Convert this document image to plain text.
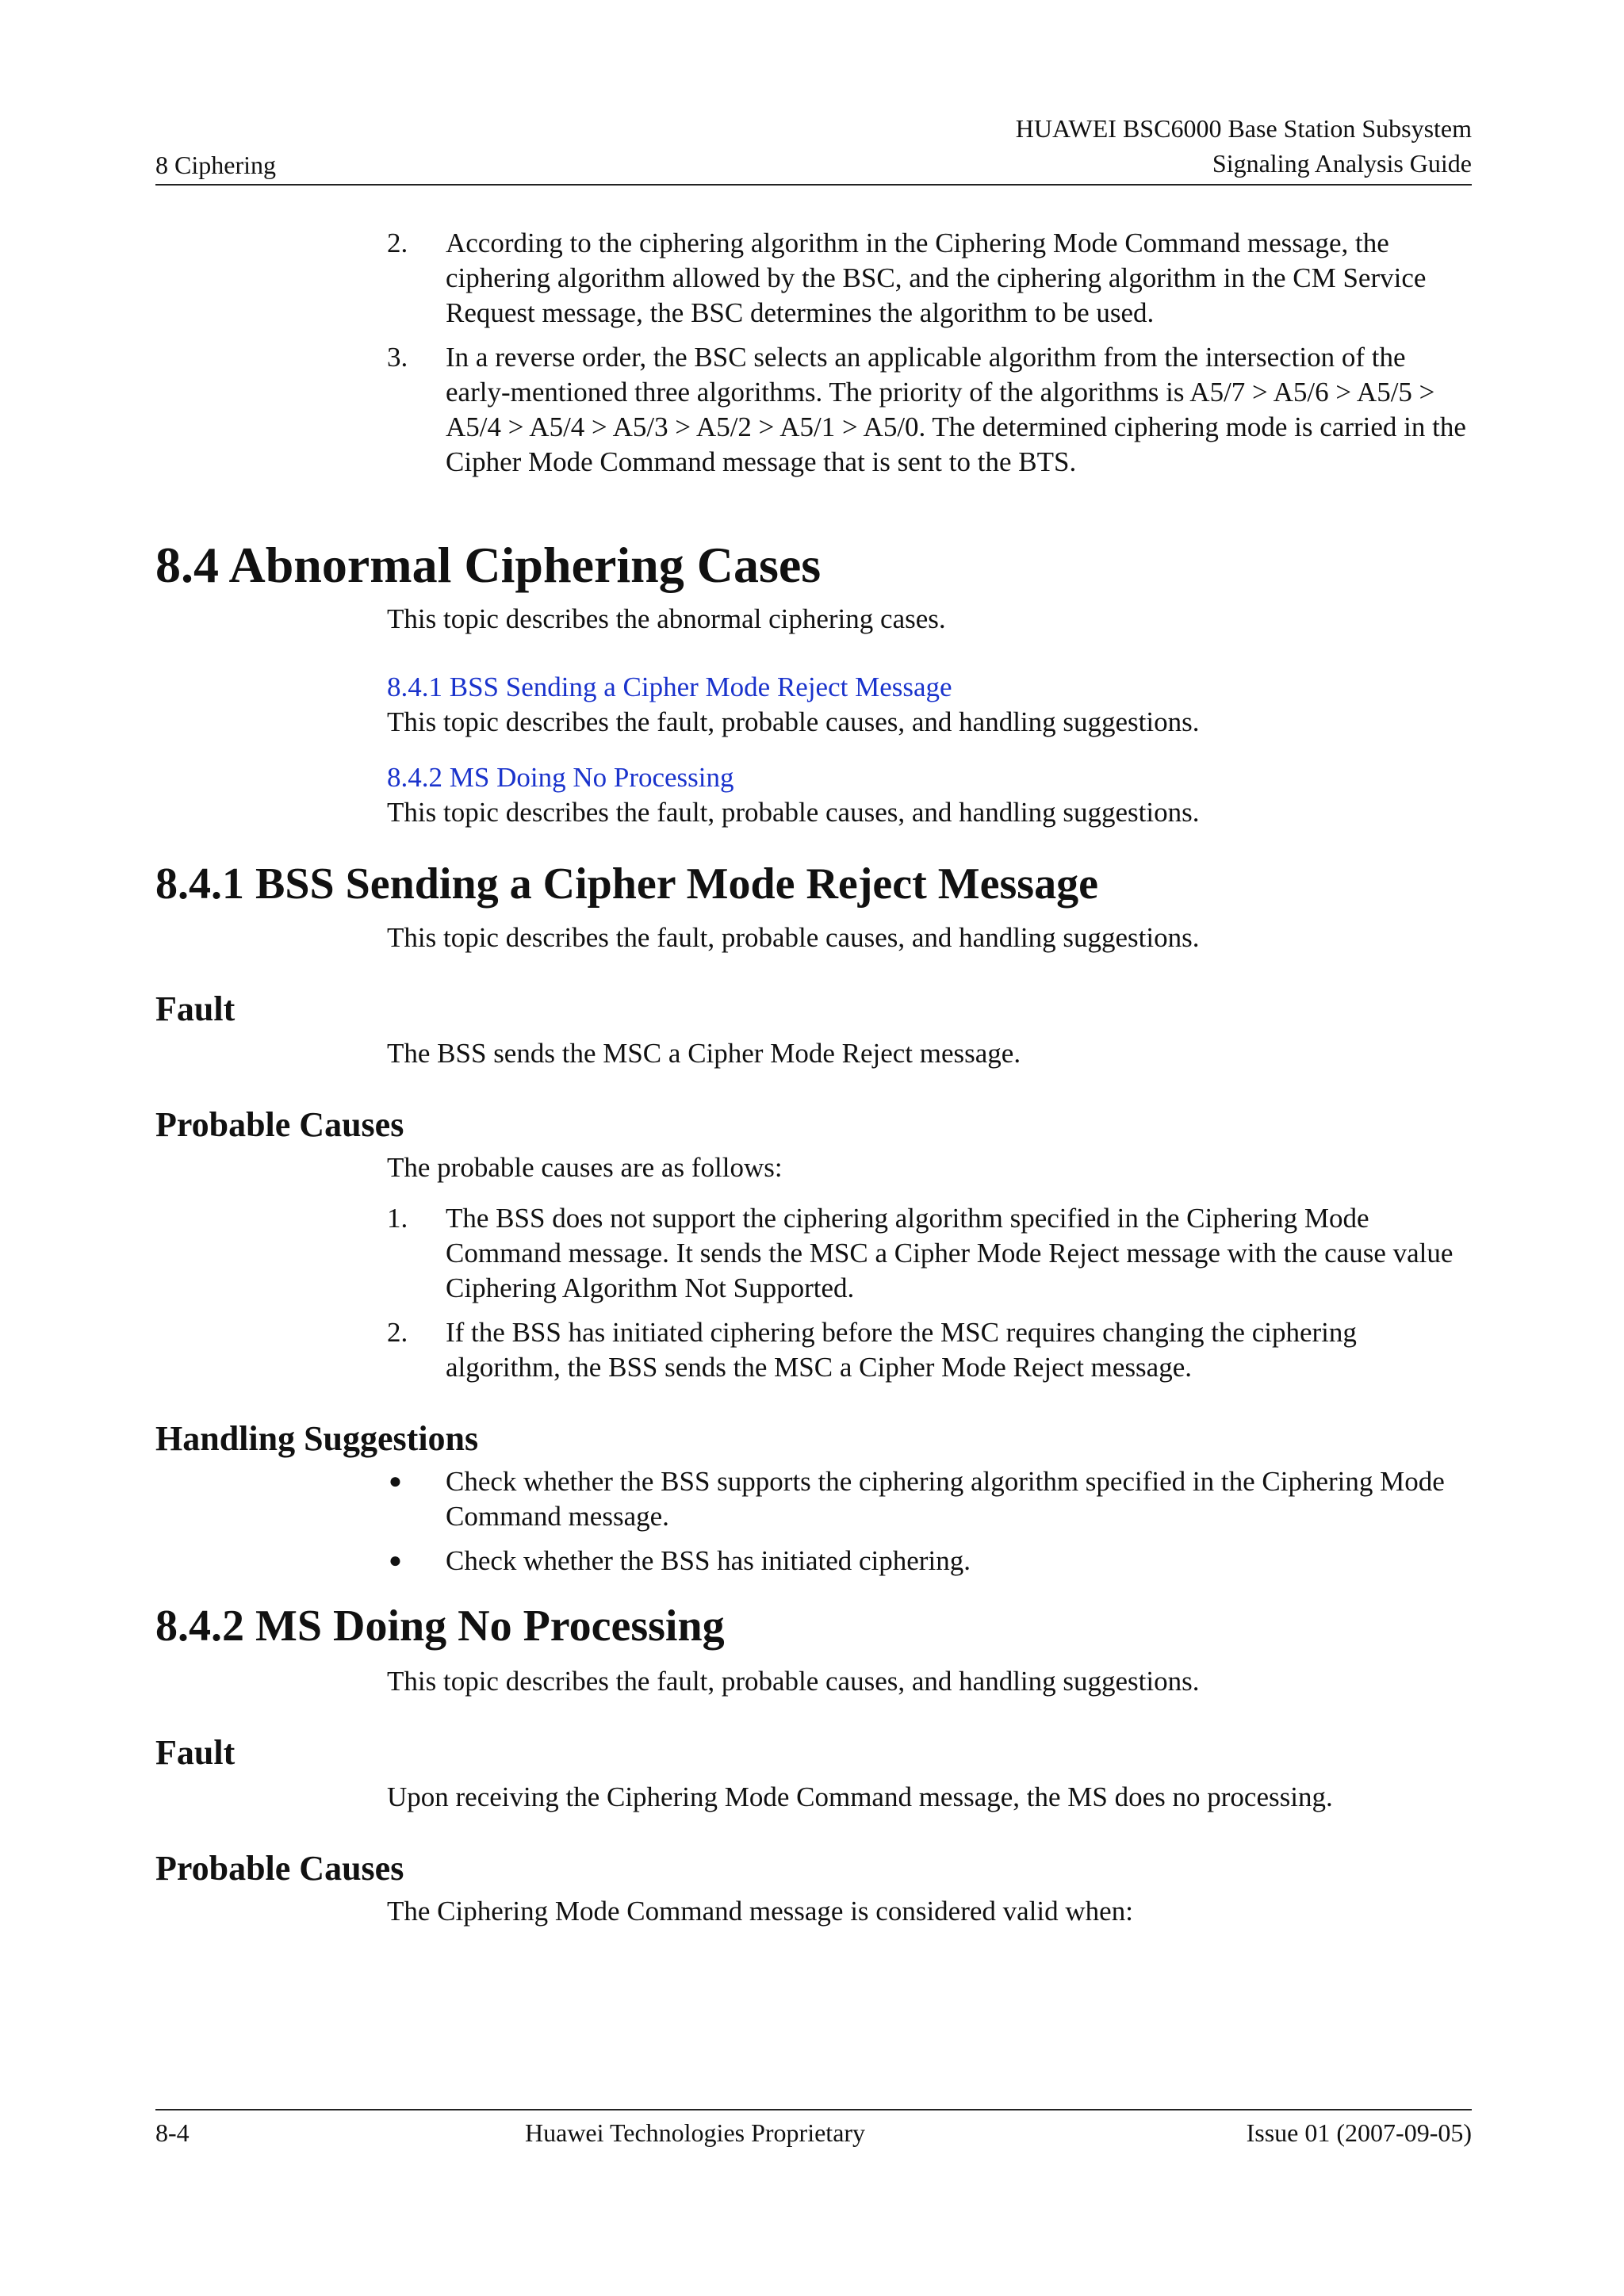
8 Ciphering
HUAWEI BSC6000 Base Station Subsystem
Signaling Analysis Guide
2. According to the ciphering algorithm in the Ciphering Mode Command message, the ciphering algorithm allowed by the BSC, and the ciphering algorithm in the CM Service Request message, the BSC determines the algorithm to be used.
3. In a reverse order, the BSC selects an applicable algorithm from the intersection of the early-mentioned three algorithms. The priority of the algorithms is A5/7 > A5/6 > A5/5 > A5/4 > A5/4 > A5/3 > A5/2 > A5/1 > A5/0. The determined ciphering mode is carried in the Cipher Mode Command message that is sent to the BTS.
8.4 Abnormal Ciphering Cases
This topic describes the abnormal ciphering cases.
8.4.1 BSS Sending a Cipher Mode Reject Message
This topic describes the fault, probable causes, and handling suggestions.
8.4.2 MS Doing No Processing
This topic describes the fault, probable causes, and handling suggestions.
8.4.1 BSS Sending a Cipher Mode Reject Message
This topic describes the fault, probable causes, and handling suggestions.
Fault
The BSS sends the MSC a Cipher Mode Reject message.
Probable Causes
The probable causes are as follows:
1. The BSS does not support the ciphering algorithm specified in the Ciphering Mode Command message. It sends the MSC a Cipher Mode Reject message with the cause value Ciphering Algorithm Not Supported.
2. If the BSS has initiated ciphering before the MSC requires changing the ciphering algorithm, the BSS sends the MSC a Cipher Mode Reject message.
Handling Suggestions
● Check whether the BSS supports the ciphering algorithm specified in the Ciphering Mode Command message.
● Check whether the BSS has initiated ciphering.
8.4.2 MS Doing No Processing
This topic describes the fault, probable causes, and handling suggestions.
Fault
Upon receiving the Ciphering Mode Command message, the MS does no processing.
Probable Causes
The Ciphering Mode Command message is considered valid when:
8-4	Huawei Technologies Proprietary	Issue 01 (2007-09-05)
